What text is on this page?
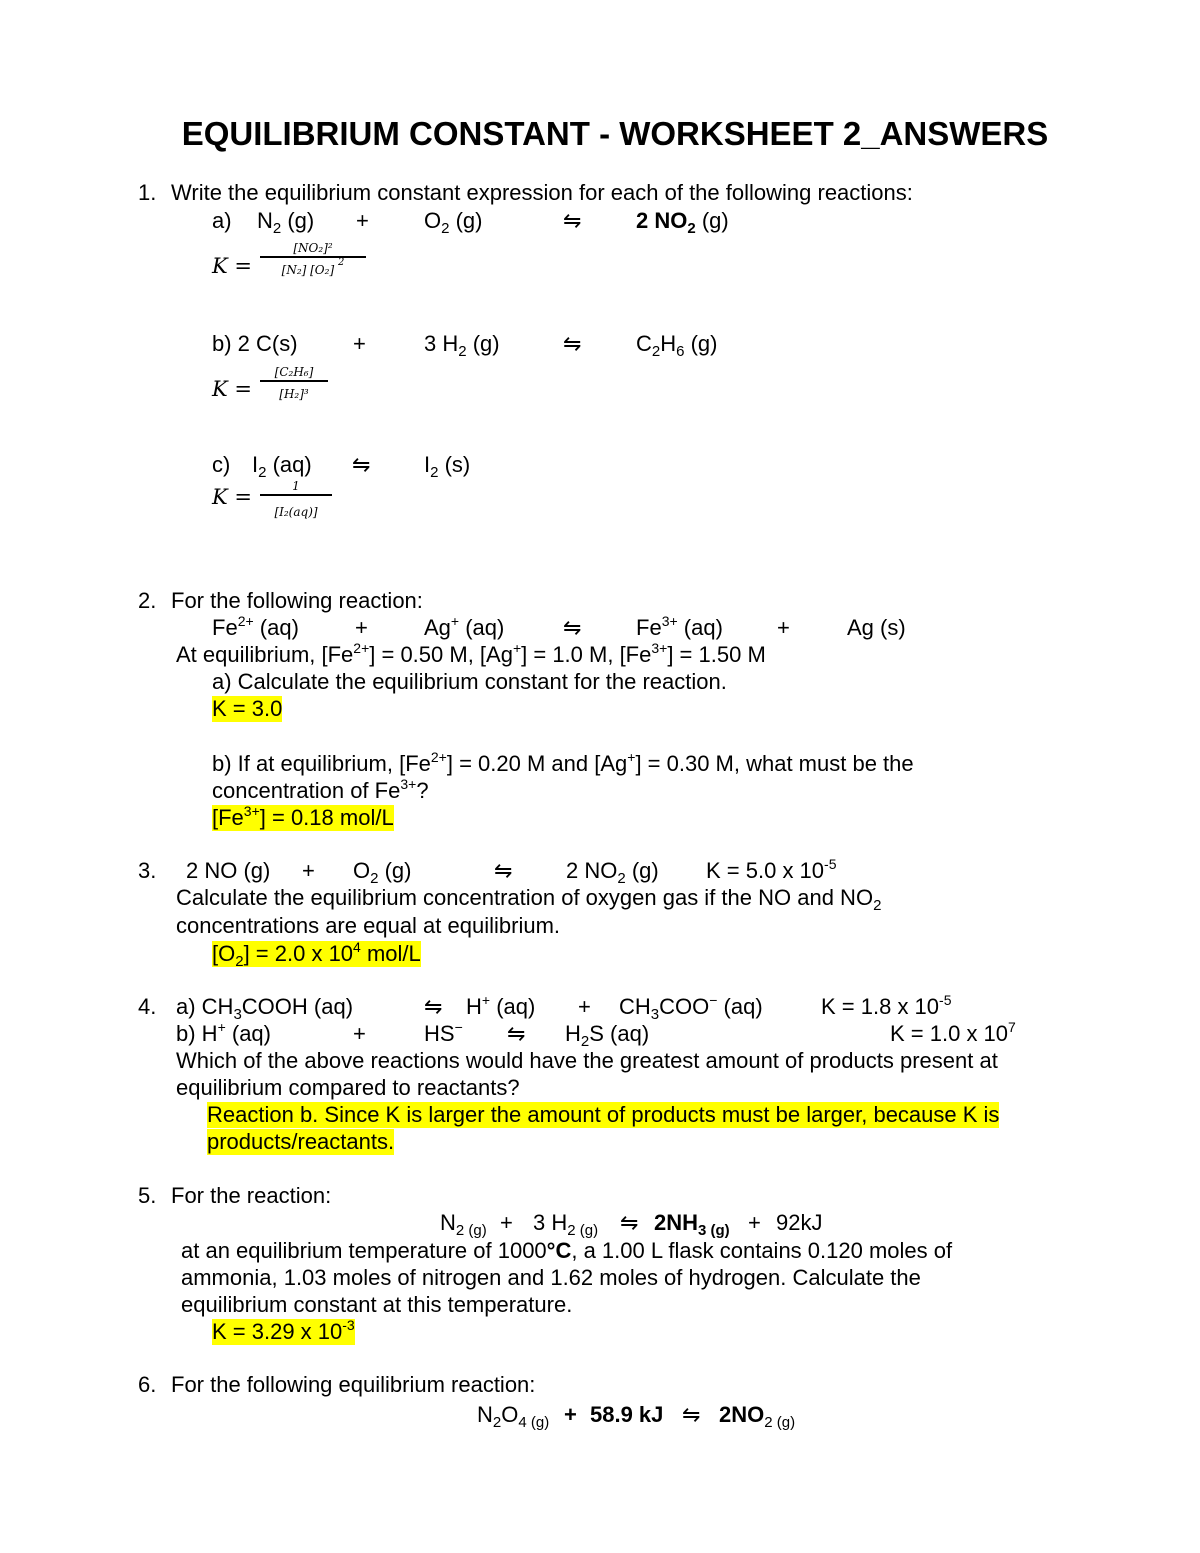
EQUILIBRIUM CONSTANT - WORKSHEET 2_ANSWERS
1. Write the equilibrium constant expression for each of the following reactions:
a) $N_2$ (g) +	$O_2$ (g)	⇋ 2 $NO_2$ (g)
K =
[NO₂]²
[N₂] [O₂] $^2$
b) 2 C(s)	+	3 $H_2$ (g)	⇋ $C_2H_6$ (g)
K =
[C₂H₆]
[H₂]³
c) $I_2$ (aq) ⇋ $I_2$ (s)
K =	1
[I₂(aq)]
2. For the following reaction:
$Fe^{2+}$ (aq)	+	Ag+ (aq)	⇋ $Fe^{3+}$ (aq) +	Ag (s)
At equilibrium, $[Fe^{2+}] = 0.50$ M, [Ag+] = 1.0 M, $[Fe^{3+}] = 1.50$ M
a) Calculate the equilibrium constant for the reaction.
K = 3.0
b) If at equilibrium, $[Fe^{2+}] = 0.20$ M and [Ag+] = 0.30 M, what must be the
concentration of $Fe^{3+}$?
$[Fe^{3+}] = 0.18$ mol/L
3. 2 NO $(g) + O_2$ (g)	⇋ 2 $NO_2$ (g) K = 5.0 x $10^{-5}$
Calculate the equilibrium concentration of oxygen gas if the NO and $NO_2$
concentrations are equal at equilibrium.
$[O_2] = 2.0$ x $10^4$ mol/L
4. a) $CH_3COOH$ (aq)	⇋ H+ $(aq) + CH_3COO^-$ (aq)	K = 1.8 x $10^{-5}$
b) H+ (aq)	+	HS− ⇋ $H_2S$ (aq)	K = 1.0 x $10^7$
Which of the above reactions would have the greatest amount of products present at
equilibrium compared to reactants?
Reaction b. Since K is larger the amount of products must be larger, because K is
products/reactants.
5. For the reaction:
$N_{2 (g)} + 3$ $H_{2 (g)}$ ⇋ $2NH_{3 (g)} + 92kJ$
at an equilibrium temperature of 1000°C, a 1.00 L flask contains 0.120 moles of
ammonia, 1.03 moles of nitrogen and 1.62 moles of hydrogen. Calculate the
equilibrium constant at this temperature.
K = 3.29 x $10^{-3}$
6. For the following equilibrium reaction:
$N_2O_{4 (g)} + 58.9$ kJ ⇋ $2NO_{2 (g)}$
